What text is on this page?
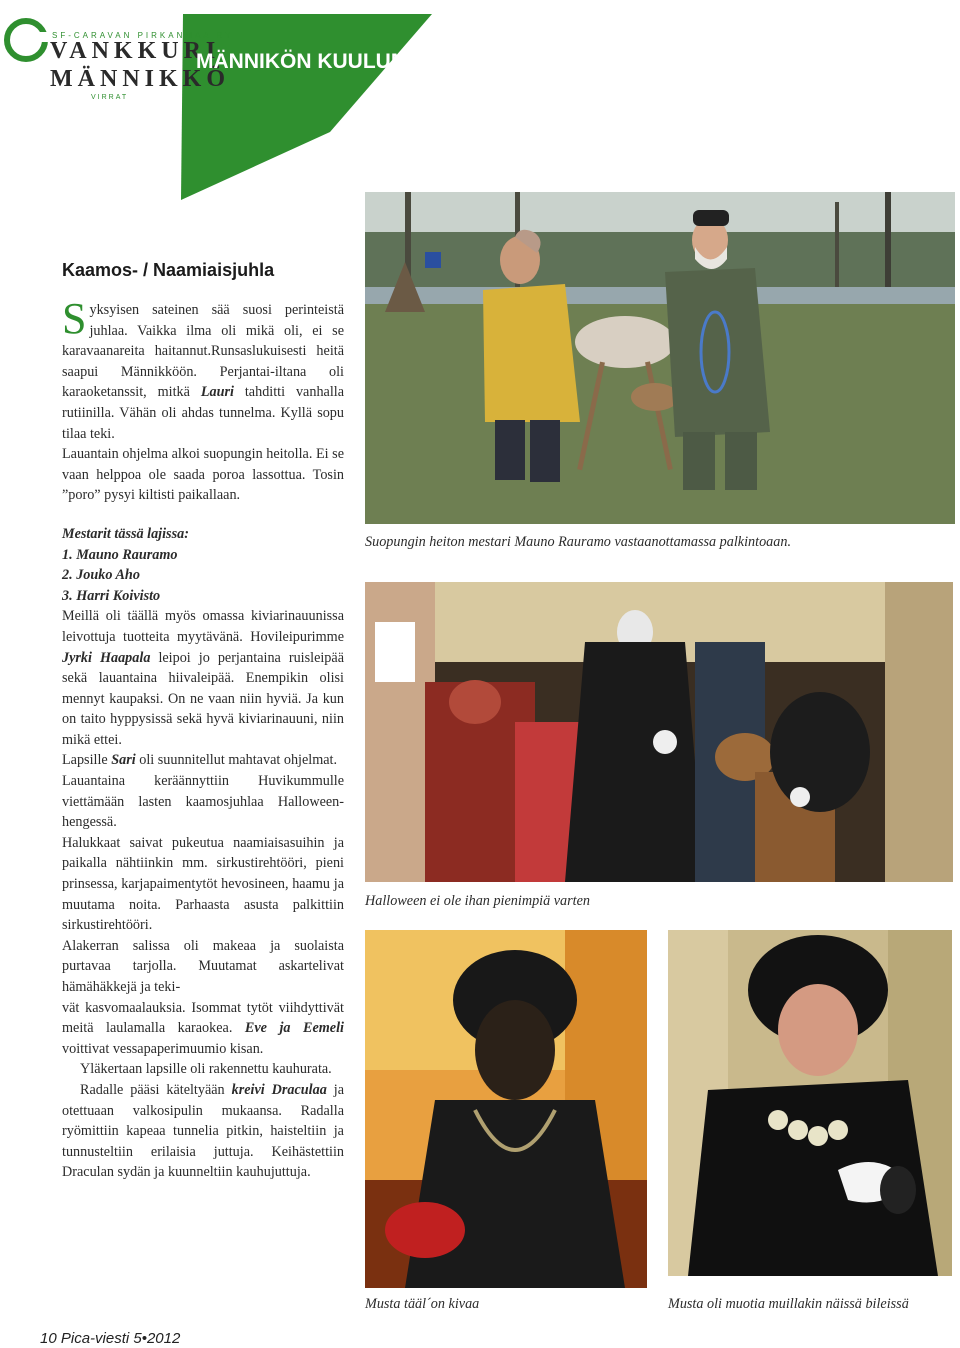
SF-CARAVAN PIRKANMAA RY
VANKKURI
MÄNNIKKÖ
VIRRAT
MÄNNIKÖN KUULUMISIA
Kaamos- / Naamiaisjuhla

Syksyisen sateinen sää suosi perinteistä juhlaa. Vaikka ilma oli mikä oli, ei se karavaanareita haitannut.Runsaslukuisesti heitä saapui Männikköön. Perjantai-iltana oli karaoketanssit, mitkä Lauri tahditti vanhalla rutiinilla. Vähän oli ahdas tunnelma. Kyllä sopu tilaa teki.

Lauantain ohjelma alkoi suopungin heitolla. Ei se vaan helppoa ole saada poroa lassottua. Tosin ”poro” pysyi kiltisti paikallaan.

Mestarit tässä lajissa:
1. Mauno Rauramo
2. Jouko Aho
3. Harri Koivisto

Meillä oli täällä myös omassa kiviarinauunissa leivottuja tuotteita myytävänä. Hovileipurimme Jyrki Haapala leipoi jo perjantaina ruisleipää sekä lauantaina hiivaleipää. Enempikin olisi mennyt kaupaksi. On ne vaan niin hyviä. Ja kun on taito hyppysissä sekä hyvä kiviarinauuni, niin mikä ettei.

Lapsille Sari oli suunnitellut mahtavat ohjelmat.

Lauantaina keräännyttiin Huvikummulle viettämään lasten kaamosjuhlaa Halloween-hengessä.

Halukkaat saivat pukeutua naamiaisasuihin ja paikalla nähtiinkin mm. sirkustirehtööri, pieni prinsessa, karjapaimentytöt hevosineen, haamu ja muutama noita. Parhaasta asusta palkittiin sirkustirehtööri.

Alakerran salissa oli makeaa ja suolaista purtavaa tarjolla. Muutamat askartelivat hämähäkkejä ja teki-
vät kasvomaalauksia. Isommat tytöt viihdyttivät meitä laulamalla karaokea. Eve ja Eemeli voittivat vessapaperimuumio kisan.

Yläkertaan lapsille oli rakennettu kauhurata.

Radalle pääsi käteltyään kreivi Draculaa ja otettuaan valkosipulin mukaansa. Radalla ryömittiin kapeaa tunnelia pitkin, haisteltiin ja tunnusteltiin erilaisia juttuja. Keihästettiin Draculan sydän ja kuunneltiin kauhujuttuja.

Suopungin heiton mestari Mauno Rauramo vastaanottamassa palkintoaan.
Halloween ei ole ihan pienimpiä varten
Musta tääl´on kivaa	Musta oli muotia muillakin näissä bileissä
10 Pica-viesti 5•2012
